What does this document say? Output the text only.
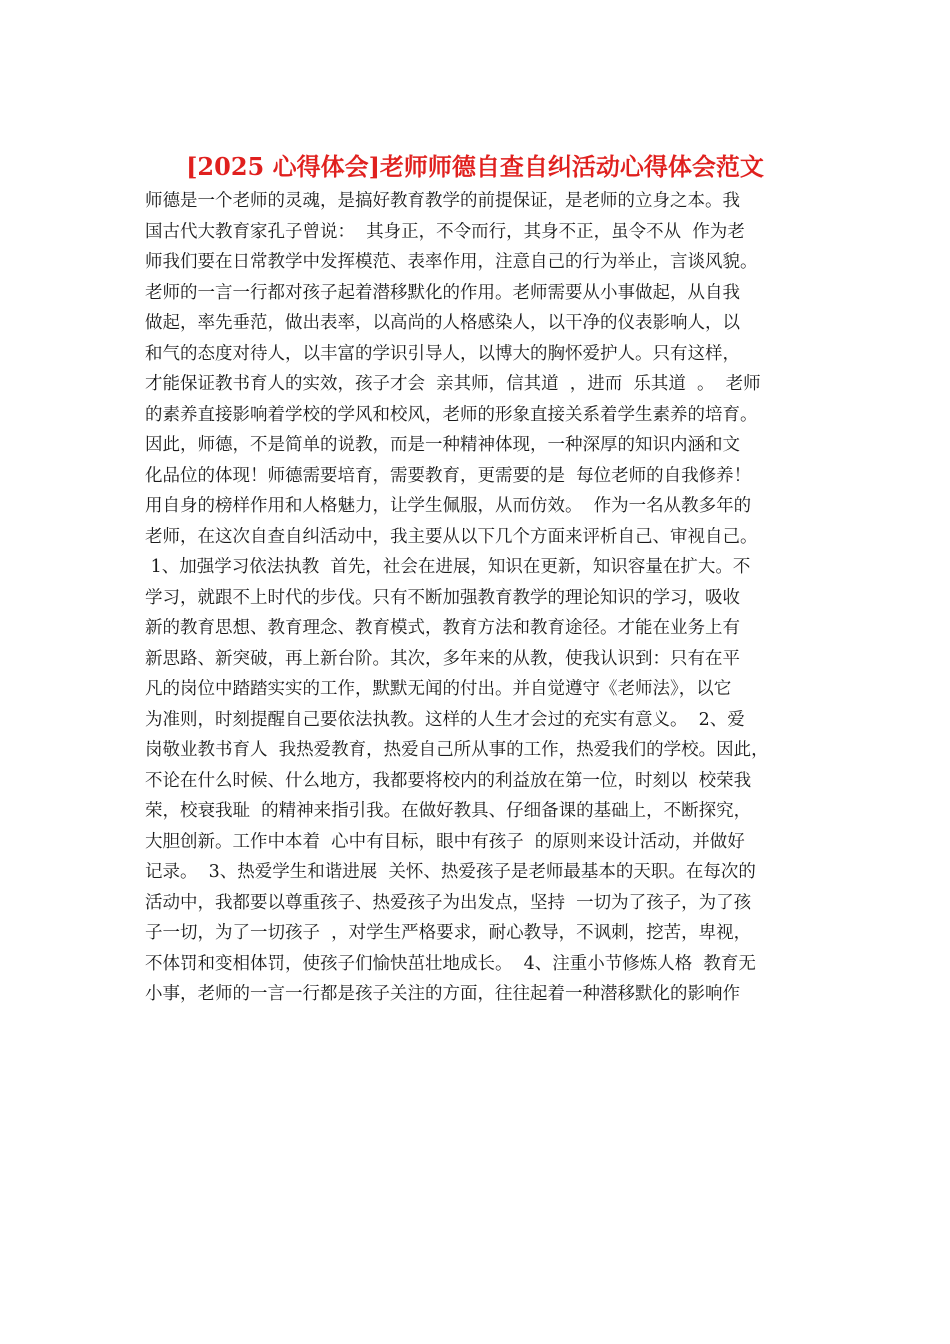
[2025 心得体会]老师师德自查自纠活动心得体会范文
师德是一个老师的灵魂，是搞好教育教学的前提保证，是老师的立身之本。我
国古代大教育家孔子曾说：  其身正，不令而行，其身不正，虽令不从  作为老
师我们要在日常教学中发挥模范、表率作用，注意自己的行为举止，言谈风貌。
老师的一言一行都对孩子起着潜移默化的作用。老师需要从小事做起，从自我
做起，率先垂范，做出表率，以高尚的人格感染人，以干净的仪表影响人，以
和气的态度对待人，以丰富的学识引导人，以博大的胸怀爱护人。只有这样，
才能保证教书育人的实效，孩子才会  亲其师，信其道  ，进而  乐其道  。  老师
的素养直接影响着学校的学风和校风，老师的形象直接关系着学生素养的培育。
因此，师德，不是简单的说教，而是一种精神体现，一种深厚的知识内涵和文
化品位的体现！师德需要培育，需要教育，更需要的是  每位老师的自我修养！
用自身的榜样作用和人格魅力，让学生佩服，从而仿效。  作为一名从教多年的
老师，在这次自查自纠活动中，我主要从以下几个方面来评析自己、审视自己。
1、加强学习依法执教  首先，社会在进展，知识在更新，知识容量在扩大。不
学习，就跟不上时代的步伐。只有不断加强教育教学的理论知识的学习，吸收
新的教育思想、教育理念、教育模式，教育方法和教育途径。才能在业务上有
新思路、新突破，再上新台阶。其次，多年来的从教，使我认识到：只有在平
凡的岗位中踏踏实实的工作，默默无闻的付出。并自觉遵守《老师法》，以它
为准则，时刻提醒自己要依法执教。这样的人生才会过的充实有意义。  2、爱
岗敬业教书育人  我热爱教育，热爱自己所从事的工作，热爱我们的学校。因此，
不论在什么时候、什么地方，我都要将校内的利益放在第一位，时刻以  校荣我
荣，校衰我耻  的精神来指引我。在做好教具、仔细备课的基础上，不断探究，
大胆创新。工作中本着  心中有目标，眼中有孩子  的原则来设计活动，并做好
记录。  3、热爱学生和谐进展  关怀、热爱孩子是老师最基本的天职。在每次的
活动中，我都要以尊重孩子、热爱孩子为出发点，坚持  一切为了孩子，为了孩
子一切，为了一切孩子  ，对学生严格要求，耐心教导，不讽刺，挖苦，卑视，
不体罚和变相体罚，使孩子们愉快茁壮地成长。  4、注重小节修炼人格  教育无
小事，老师的一言一行都是孩子关注的方面，往往起着一种潜移默化的影响作
